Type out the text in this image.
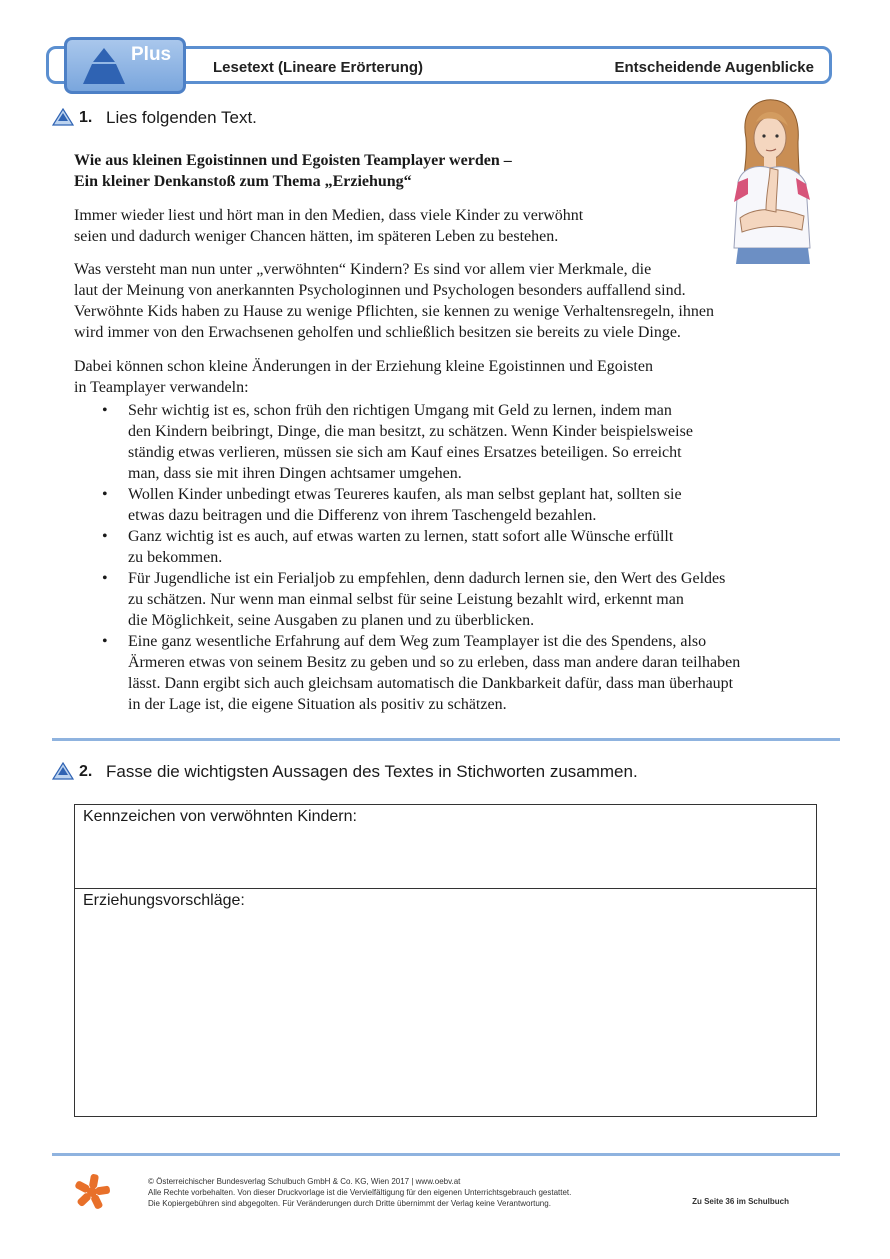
Plus
Lesetext (Lineare Erörterung)	Entscheidende Augenblicke
1. Lies folgenden Text.
Wie aus kleinen Egoistinnen und Egoisten Teamplayer werden –
Ein kleiner Denkanstoß zum Thema „Erziehung“
Immer wieder liest und hört man in den Medien, dass viele Kinder zu verwöhnt
seien und dadurch weniger Chancen hätten, im späteren Leben zu bestehen.
Was versteht man nun unter „verwöhnten“ Kindern? Es sind vor allem vier Merkmale, die
laut der Meinung von anerkannten Psychologinnen und Psychologen besonders auffallend sind.
Verwöhnte Kids haben zu Hause zu wenige Pflichten, sie kennen zu wenige Verhaltensregeln, ihnen
wird immer von den Erwachsenen geholfen und schließlich besitzen sie bereits zu viele Dinge.
Dabei können schon kleine Änderungen in der Erziehung kleine Egoistinnen und Egoisten
in Teamplayer verwandeln:
• Sehr wichtig ist es, schon früh den richtigen Umgang mit Geld zu lernen, indem man
den Kindern beibringt, Dinge, die man besitzt, zu schätzen. Wenn Kinder beispielsweise
ständig etwas verlieren, müssen sie sich am Kauf eines Ersatzes beteiligen. So erreicht
man, dass sie mit ihren Dingen achtsamer umgehen.
• Wollen Kinder unbedingt etwas Teureres kaufen, als man selbst geplant hat, sollten sie
etwas dazu beitragen und die Differenz von ihrem Taschengeld bezahlen.
• Ganz wichtig ist es auch, auf etwas warten zu lernen, statt sofort alle Wünsche erfüllt
zu bekommen.
• Für Jugendliche ist ein Ferialjob zu empfehlen, denn dadurch lernen sie, den Wert des Geldes
zu schätzen. Nur wenn man einmal selbst für seine Leistung bezahlt wird, erkennt man
die Möglichkeit, seine Ausgaben zu planen und zu überblicken.
• Eine ganz wesentliche Erfahrung auf dem Weg zum Teamplayer ist die des Spendens, also
Ärmeren etwas von seinem Besitz zu geben und so zu erleben, dass man andere daran teilhaben
lässt. Dann ergibt sich auch gleichsam automatisch die Dankbarkeit dafür, dass man überhaupt
in der Lage ist, die eigene Situation als positiv zu schätzen.
2. Fasse die wichtigsten Aussagen des Textes in Stichworten zusammen.
Kennzeichen von verwöhnten Kindern:
Erziehungsvorschläge:
© Österreichischer Bundesverlag Schulbuch GmbH & Co. KG, Wien 2017 | www.oebv.at
Alle Rechte vorbehalten. Von dieser Druckvorlage ist die Vervielfältigung für den eigenen Unterrichtsgebrauch gestattet.
Die Kopiergebühren sind abgegolten. Für Veränderungen durch Dritte übernimmt der Verlag keine Verantwortung.	Zu Seite 36 im Schulbuch
